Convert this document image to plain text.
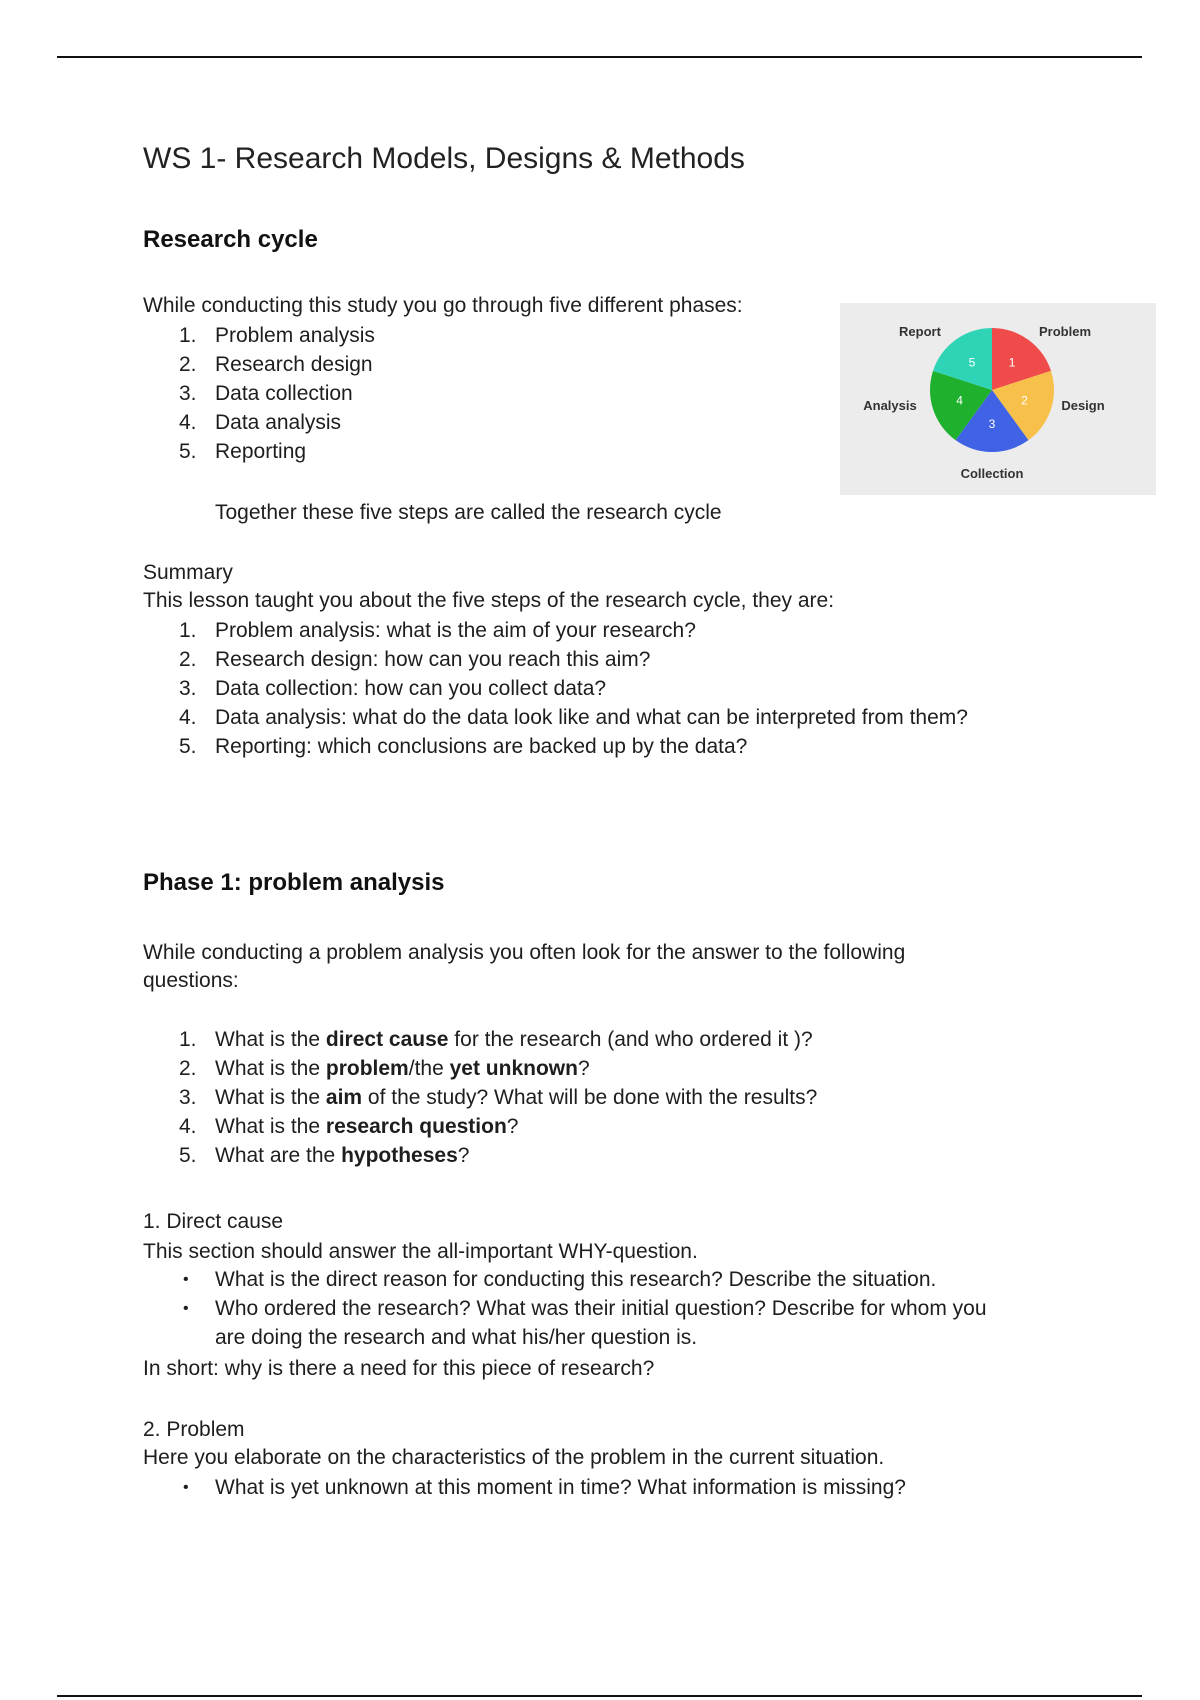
WS 1- Research Models, Designs & Methods
Research cycle

While conducting this study you go through five different phases:

1. Problem analysis
2. Research design
3. Data collection
4. Data analysis
5. Reporting

Together these five steps are called the research cycle

Summary

This lesson taught you about the five steps of the research cycle, they are:

1. Problem analysis: what is the aim of your research?
2. Research design: how can you reach this aim?
3. Data collection: how can you collect data?
4. Data analysis: what do the data look like and what can be interpreted from them?
5. Reporting: which conclusions are backed up by the data?
Phase 1: problem analysis

While conducting a problem analysis you often look for the answer to the following

questions:

1. What is the direct cause for the research (and who ordered it )?
2. What is the problem/the yet unknown?
3. What is the aim of the study? What will be done with the results?
4. What is the research question?
5. What are the hypotheses?

1. Direct cause

This section should answer the all-important WHY-question.

• What is the direct reason for conducting this research? Describe the situation.
• Who ordered the research? What was their initial question? Describe for whom you are doing the research and what his/her question is.

In short: why is there a need for this piece of research?

2. Problem

Here you elaborate on the characteristics of the problem in the current situation.

• What is yet unknown at this moment in time? What information is missing?
1
2
3
4
5
Report	Problem
Analysis	Design
Collection
